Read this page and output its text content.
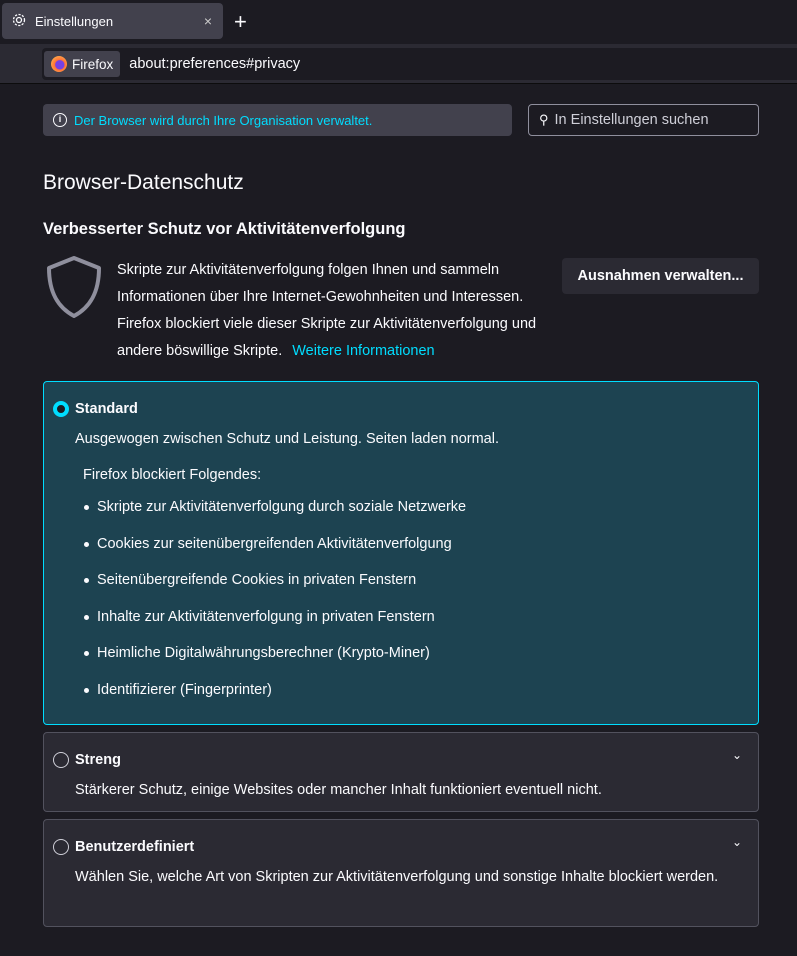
Einstellungen	× +
Firefox about:preferences#privacy
i Der Browser wird durch Ihre Organisation verwaltet.	⚲ In Einstellungen suchen
Browser-Datenschutz
Verbesserter Schutz vor Aktivitätenverfolgung
Skripte zur Aktivitätenverfolgung folgen Ihnen und sammeln Informationen über Ihre Internet-Gewohnheiten und Interessen. Firefox blockiert viele dieser Skripte zur Aktivitätenverfolgung und andere böswillige Skripte. Weitere Informationen
Ausnahmen verwalten...
Standard
Ausgewogen zwischen Schutz und Leistung. Seiten laden normal.
Firefox blockiert Folgendes:
Skripte zur Aktivitätenverfolgung durch soziale Netzwerke
Cookies zur seitenübergreifenden Aktivitätenverfolgung
Seitenübergreifende Cookies in privaten Fenstern
Inhalte zur Aktivitätenverfolgung in privaten Fenstern
Heimliche Digitalwährungsberechner (Krypto-Miner)
Identifizierer (Fingerprinter)
Streng	⌄
Stärkerer Schutz, einige Websites oder mancher Inhalt funktioniert eventuell nicht.
Benutzerdefiniert	⌄
Wählen Sie, welche Art von Skripten zur Aktivitätenverfolgung und sonstige Inhalte blockiert werden.
